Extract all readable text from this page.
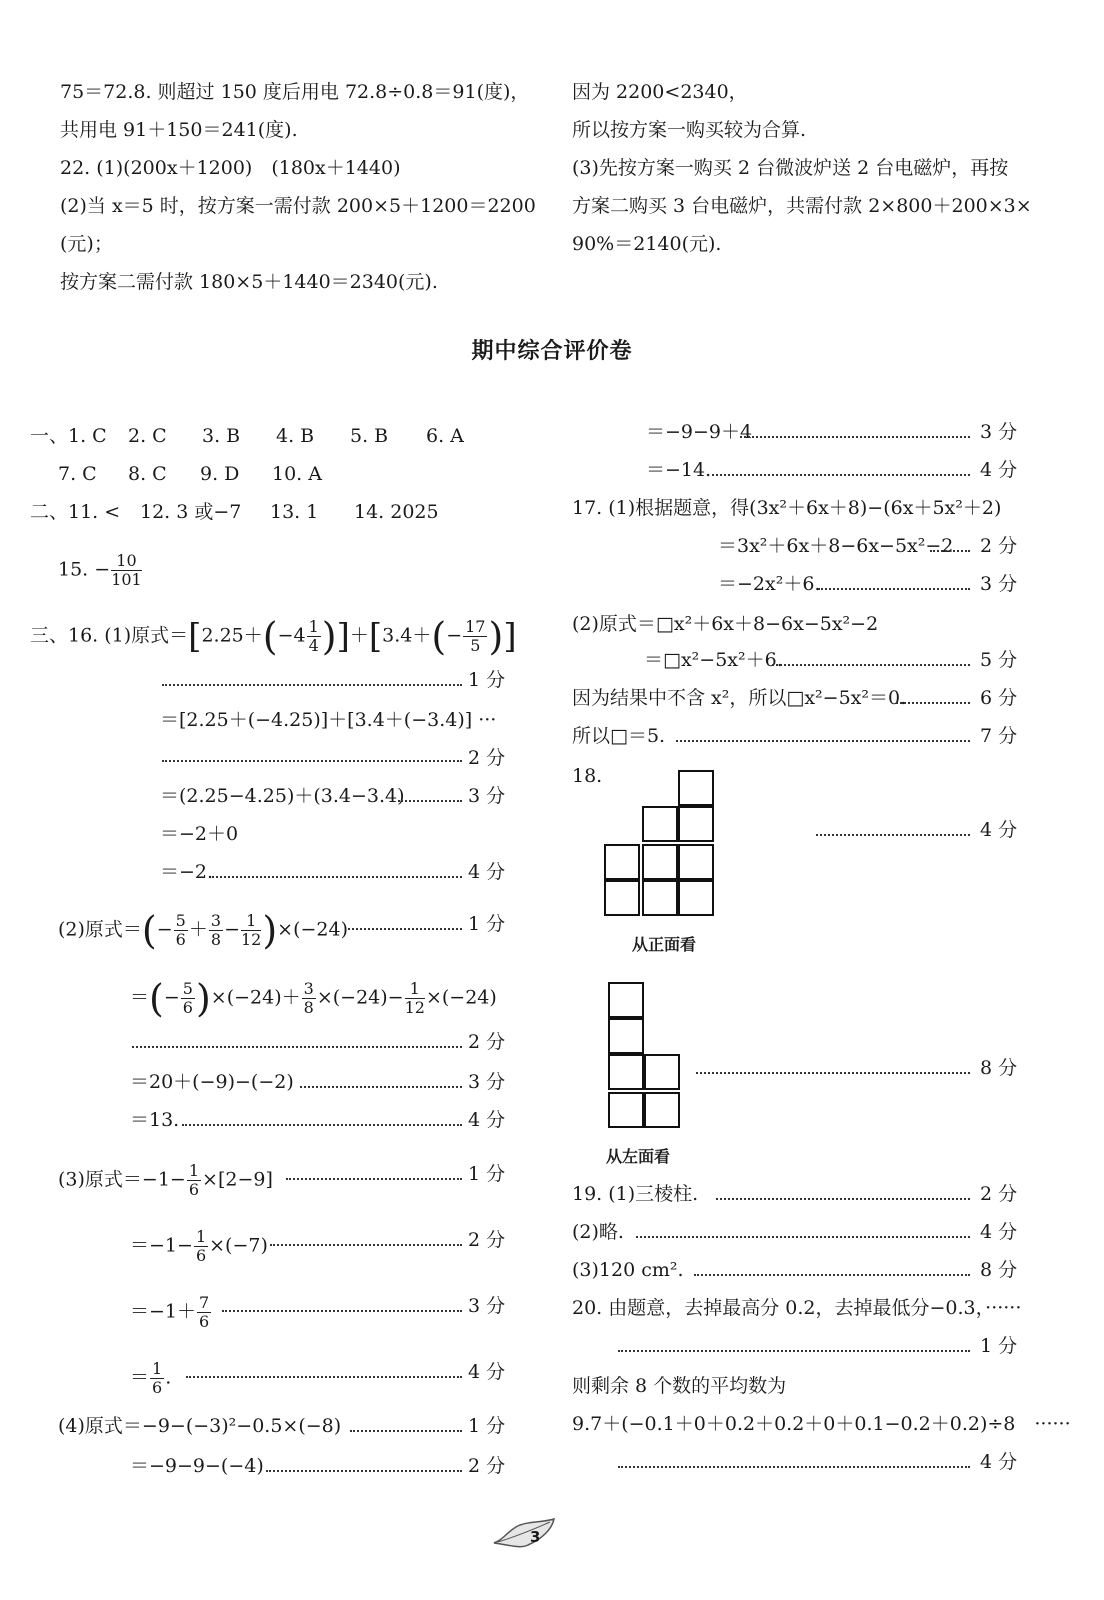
75＝72.8. 则超过 150 度后用电 72.8÷0.8＝91(度)，
共用电 91＋150＝241(度).
22. (1)(200x＋1200)　(180x＋1440)
(2)当 x＝5 时，按方案一需付款 200×5＋1200＝2200
(元)；
按方案二需付款 180×5＋1440＝2340(元).
因为 2200<2340，
所以按方案一购买较为合算.
(3)先按方案一购买 2 台微波炉送 2 台电磁炉，再按
方案二购买 3 台电磁炉，共需付款 2×800＋200×3×
90%＝2140(元).
期中综合评价卷
一、1. C 2. C 3. B 4. B 5. B 6. A
7. C 8. C 9. D 10. A
二、11. < 12. 3 或−7 13. 1 14. 2025
15. − $\frac{10}{101}$
三、16. (1)原式$=[2.25+(-4 \frac{1}{4} )]+[3.4+(- \frac{17}{5}$ )]
1 分
＝[2.25＋(−4.25)]＋[3.4＋(−3.4)] ···
2 分
＝(2.25−4.25)＋(3.4−3.4)	3 分
＝−2＋0
＝−2.	4 分
(2)原式＝(− $\frac{5}{6} + \frac{3}{8} - \frac{1}{12} )\times(-24)$	1 分
＝(− $\frac{5}{6} )\times(-24)+ \frac{3}{8} \times(-24)- \frac{1}{12} \times(-24)$
2 分
＝20＋(−9)−(−2)	3 分
＝13.	4 分
(3)原式$=-1- \frac{1}{6} \times[2-9]$	1 分
$=-1- \frac{1}{6} \times(-7)$	2 分
$=-1+ \frac{7}{6}$	3 分
＝ $\frac{1}{6}$ .	4 分
(4)原式＝−9−(−3)²−0.5×(−8)	1 分
＝−9−9−(−4)	2 分
＝−9−9＋4	3 分
＝−14.	4 分
17. (1)根据题意，得(3x²＋6x＋8)−(6x＋5x²＋2)
＝3x²＋6x＋8−6x−5x²−2 2 分
＝−2x²＋6.	3 分
(2)原式＝□x²＋6x＋8−6x−5x²−2
＝□x²−5x²＋6.	5 分
因为结果中不含 x²，所以□x²−5x²＝0.	6 分
所以□＝5.	7 分
18.
从正面看
4 分
从左面看
8 分
19. (1)三棱柱.	2 分
(2)略.	4 分
(3)120 cm².	8 分
20. 由题意，去掉最高分 0.2，去掉最低分−0.3，······
1 分
则剩余 8 个数的平均数为
9.7＋(−0.1＋0＋0.2＋0.2＋0＋0.1−0.2＋0.2)÷8　······
4 分
3
